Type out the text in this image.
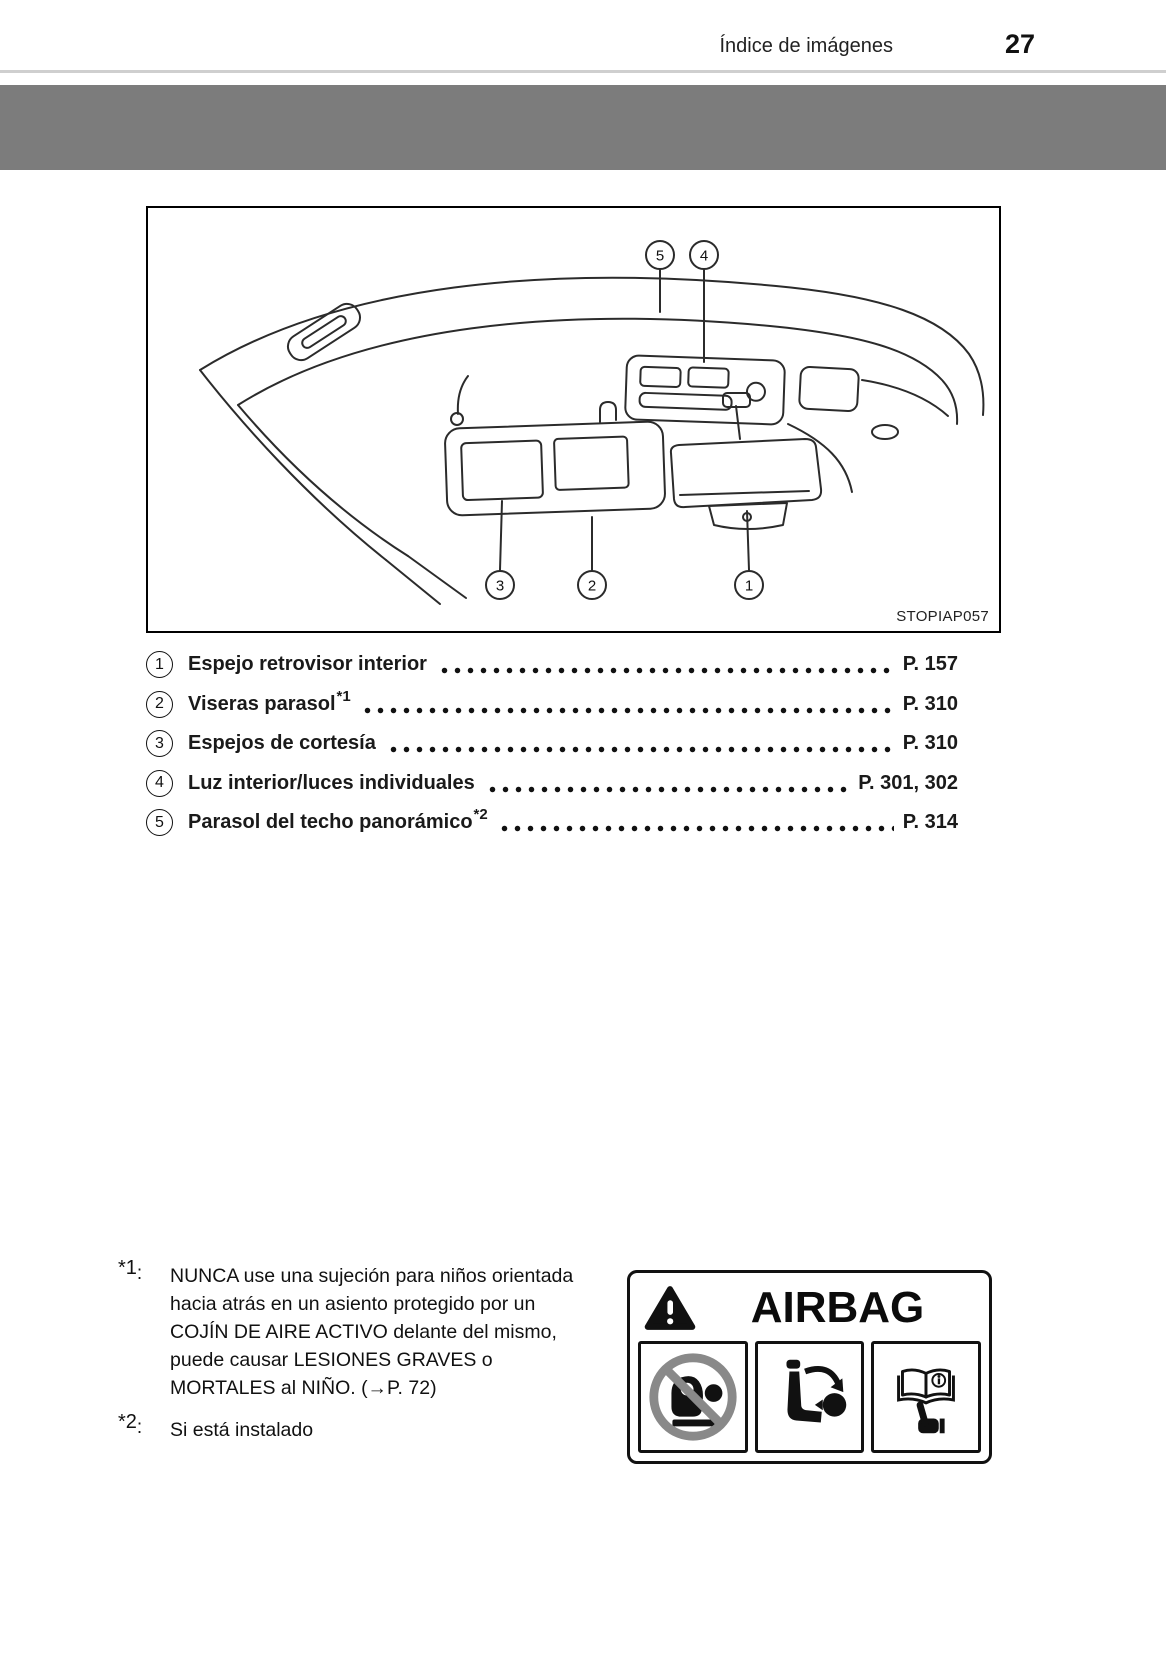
Índice de imágenes	27
5 4
3	2	1
STOPIAP057
1	Espejo retrovisor interior	P. 157
2	Viseras parasol *1	P. 310
3	Espejos de cortesía	P. 310
4	Luz interior/luces individuales	P. 301, 302
5	Parasol del techo panorámico *2	P. 314
*1:	NUNCA use una sujeción para niños orientada hacia atrás en un asiento protegido por un COJÍN DE AIRE ACTIVO delante del mismo, puede causar LESIONES GRAVES o MORTALES al NIÑO. (→P. 72)

*2:	Si está instalado

AIRBAG
